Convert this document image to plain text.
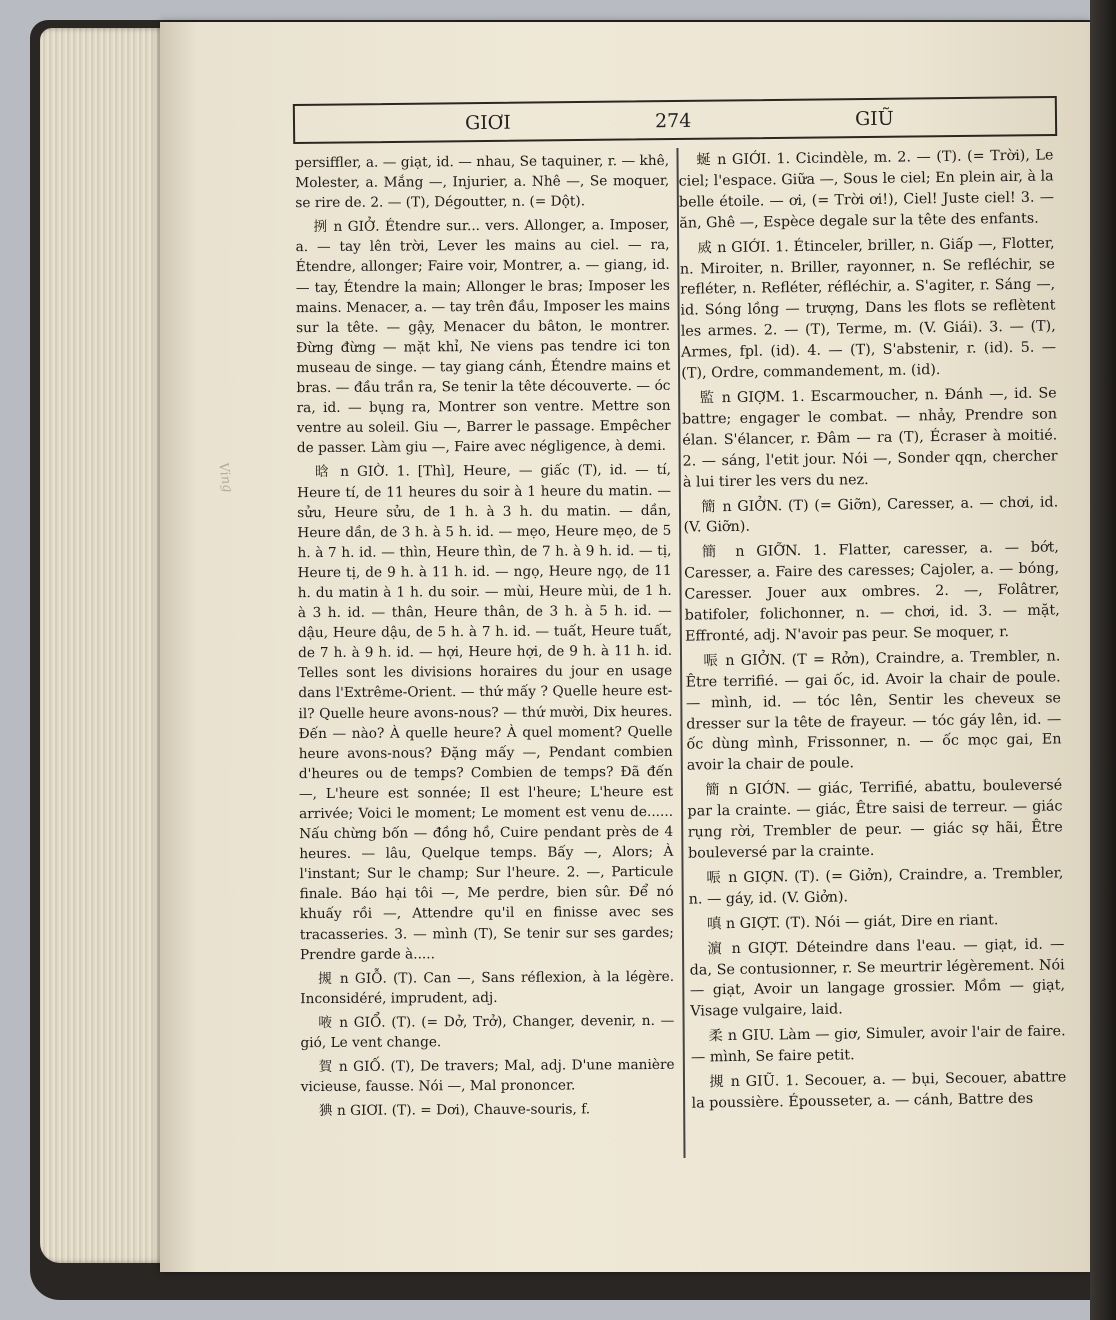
Ving
GIƠI	274	GIŨ

persiffler, a. — giạt, id. — nhau, Se taquiner, r. — khê, Molester, a. Mắng —, Injurier, a. Nhê —, Se moquer, se rire de. 2. — (T), Dégoutter, n. (= Dột).

挒 n GIỞ. Étendre sur... vers. Allonger, a. Imposer, a. — tay lên trời, Lever les mains au ciel. — ra, Étendre, allonger; Faire voir, Montrer, a. — giang, id. — tay, Étendre la main; Allonger le bras; Imposer les mains. Menacer, a. — tay trên đầu, Imposer les mains sur la tête. — gậy, Menacer du bâton, le montrer. Đừng đừng — mặt khỉ, Ne viens pas tendre ici ton museau de singe. — tay giang cánh, Étendre mains et bras. — đầu trần ra, Se tenir la tête découverte. — óc ra, id. — bụng ra, Montrer son ventre. Mettre son ventre au soleil. Giu —, Barrer le passage. Empêcher de passer. Làm giu —, Faire avec négligence, à demi.

晗 n GIỜ. 1. [Thì], Heure, — giấc (T), id. — tí, Heure tí, de 11 heures du soir à 1 heure du matin. — sửu, Heure sửu, de 1 h. à 3 h. du matin. — dần, Heure dần, de 3 h. à 5 h. id. — mẹo, Heure mẹo, de 5 h. à 7 h. id. — thìn, Heure thìn, de 7 h. à 9 h. id. — tị, Heure tị, de 9 h. à 11 h. id. — ngọ, Heure ngọ, de 11 h. du matin à 1 h. du soir. — mùi, Heure mùi, de 1 h. à 3 h. id. — thân, Heure thân, de 3 h. à 5 h. id. — dậu, Heure dậu, de 5 h. à 7 h. id. — tuất, Heure tuất, de 7 h. à 9 h. id. — hợi, Heure hợi, de 9 h. à 11 h. id. Telles sont les divisions horaires du jour en usage dans l'Extrême-Orient. — thứ mấy ? Quelle heure est-il? Quelle heure avons-nous? — thứ mười, Dix heures. Đến — nào? À quelle heure? À quel moment? Quelle heure avons-nous? Đặng mấy —, Pendant combien d'heures ou de temps? Combien de temps? Đã đến —, L'heure est sonnée; Il est l'heure; L'heure est arrivée; Voici le moment; Le moment est venu de...... Nấu chừng bốn — đồng hồ, Cuire pendant près de 4 heures. — lâu, Quelque temps. Bấy —, Alors; À l'instant; Sur le champ; Sur l'heure. 2. —, Particule finale. Báo hại tôi —, Me perdre, bien sûr. Để nó khuấy rồi —, Attendre qu'il en finisse avec ses tracasseries. 3. — mình (T), Se tenir sur ses gardes; Prendre garde à.....

摫 n GIỖ. (T). Can —, Sans réflexion, à la légère. Inconsidéré, imprudent, adj.

㖡 n GIỔ. (T). (= Dở, Trở), Changer, devenir, n. — gió, Le vent change.

賀 n GIỐ. (T), De travers; Mal, adj. D'une manière vicieuse, fausse. Nói —, Mal prononcer.

猠 n GIƠI. (T). = Dơi), Chauve-souris, f.

蜒 n GIỚI. 1. Cicindèle, m. 2. — (T). (= Trời), Le ciel; l'espace. Giữa —, Sous le ciel; En plein air, à la belle étoile. — ơi, (= Trời ơi!), Ciel! Juste ciel! 3. — ăn, Ghê —, Espèce degale sur la tête des enfants.

烕 n GIỚI. 1. Étinceler, briller, n. Giấp —, Flotter, n. Miroiter, n. Briller, rayonner, n. Se refléchir, se refléter, n. Refléter, réfléchir, a. S'agiter, r. Sáng —, id. Sóng lồng — trượng, Dans les flots se reflètent les armes. 2. — (T), Terme, m. (V. Giái). 3. — (T), Armes, fpl. (id). 4. — (T), S'abstenir, r. (id). 5. — (T), Ordre, commandement, m. (id).

監 n GIỢM. 1. Escarmoucher, n. Đánh —, id. Se battre; engager le combat. — nhảy, Prendre son élan. S'élancer, r. Đâm — ra (T), Écraser à moitié. 2. — sáng, l'etit jour. Nói —, Sonder qqn, chercher à lui tirer les vers du nez.

簡 n GIỞN. (T) (= Giỡn), Caresser, a. — chơi, id. (V. Giỡn).

簡 n GIỠN. 1. Flatter, caresser, a. — bớt, Caresser, a. Faire des caresses; Cajoler, a. — bóng, Caresser. Jouer aux ombres. 2. —, Folâtrer, batifoler, folichonner, n. — chơi, id. 3. — mặt, Effronté, adj. N'avoir pas peur. Se moquer, r.

㖘 n GIỞN. (T = Rởn), Craindre, a. Trembler, n. Être terrifié. — gai ốc, id. Avoir la chair de poule. — mình, id. — tóc lên, Sentir les cheveux se dresser sur la tête de frayeur. — tóc gáy lên, id. — ốc dùng mình, Frissonner, n. — ốc mọc gai, En avoir la chair de poule.

簡 n GIỚN. — giác, Terrifié, abattu, bouleversé par la crainte. — giác, Être saisi de terreur. — giác rụng rời, Trembler de peur. — giác sợ hãi, Être bouleversé par la crainte.

㖘 n GIỢN. (T). (= Giởn), Craindre, a. Trembler, n. — gáy, id. (V. Giởn).

嗔 n GIỢT. (T). Nói — giát, Dire en riant.

濵 n GIỢT. Déteindre dans l'eau. — giạt, id. — da, Se contusionner, r. Se meurtrir légèrement. Nói — giạt, Avoir un langage grossier. Mồm — giạt, Visage vulgaire, laid.

柔 n GIU. Làm — giơ, Simuler, avoir l'air de faire. — mình, Se faire petit.

摫 n GIŨ. 1. Secouer, a. — bụi, Secouer, abattre la poussière. Épousseter, a. — cánh, Battre des
